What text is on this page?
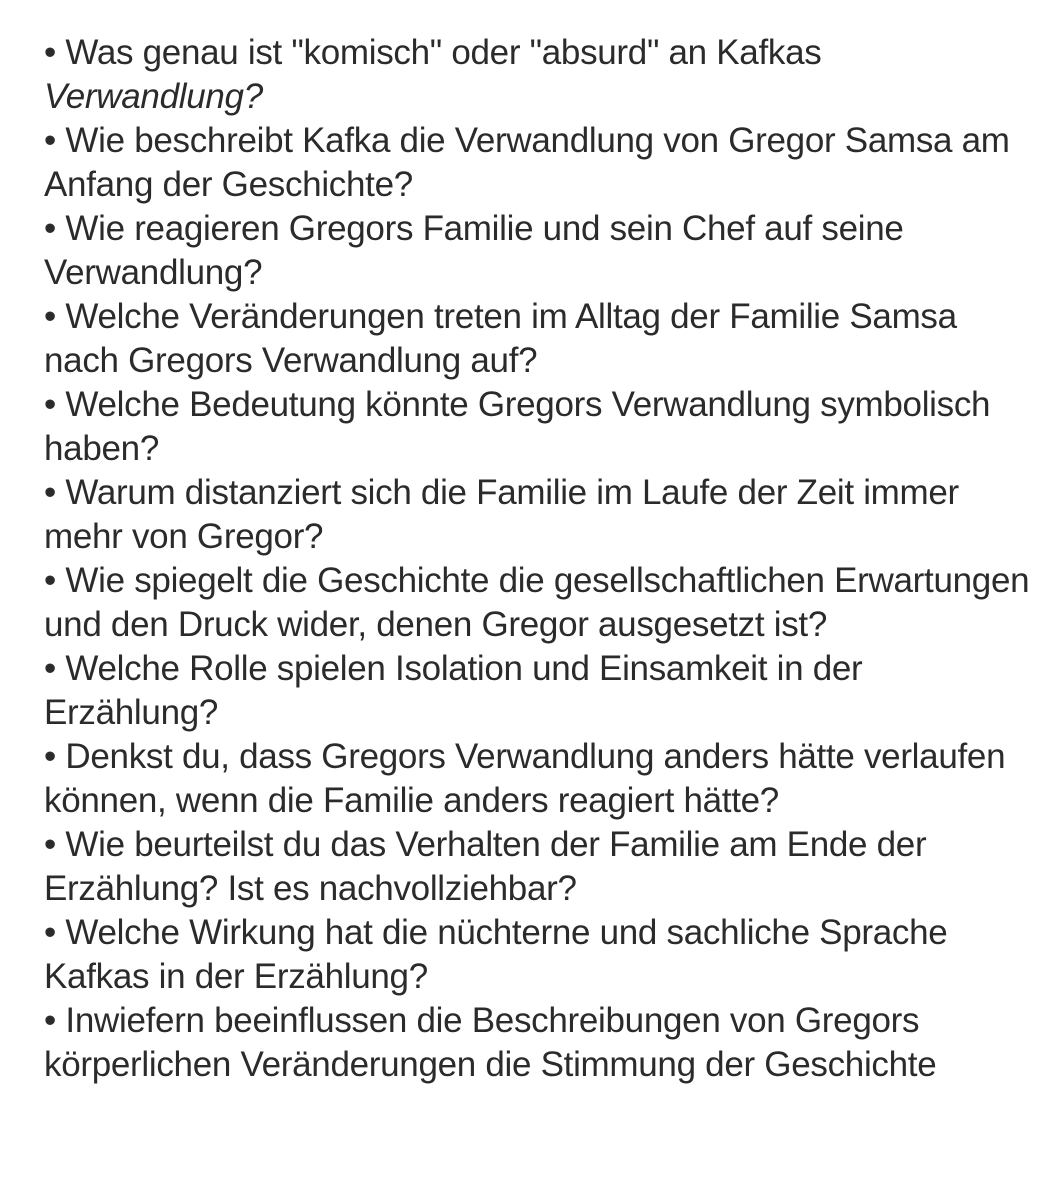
• Was genau ist "komisch" oder "absurd" an Kafkas
Verwandlung?

• Wie beschreibt Kafka die Verwandlung von Gregor Samsa am Anfang der Geschichte?

• Wie reagieren Gregors Familie und sein Chef auf seine Verwandlung?

• Welche Veränderungen treten im Alltag der Familie Samsa nach Gregors Verwandlung auf?

• Welche Bedeutung könnte Gregors Verwandlung symbolisch haben?

• Warum distanziert sich die Familie im Laufe der Zeit immer mehr von Gregor?

• Wie spiegelt die Geschichte die gesellschaftlichen Erwartungen und den Druck wider, denen Gregor ausgesetzt ist?

• Welche Rolle spielen Isolation und Einsamkeit in der Erzählung?

• Denkst du, dass Gregors Verwandlung anders hätte verlaufen können, wenn die Familie anders reagiert hätte?

• Wie beurteilst du das Verhalten der Familie am Ende der Erzählung? Ist es nachvollziehbar?

• Welche Wirkung hat die nüchterne und sachliche Sprache Kafkas in der Erzählung?

• Inwiefern beeinflussen die Beschreibungen von Gregors körperlichen Veränderungen die Stimmung der Geschichte
